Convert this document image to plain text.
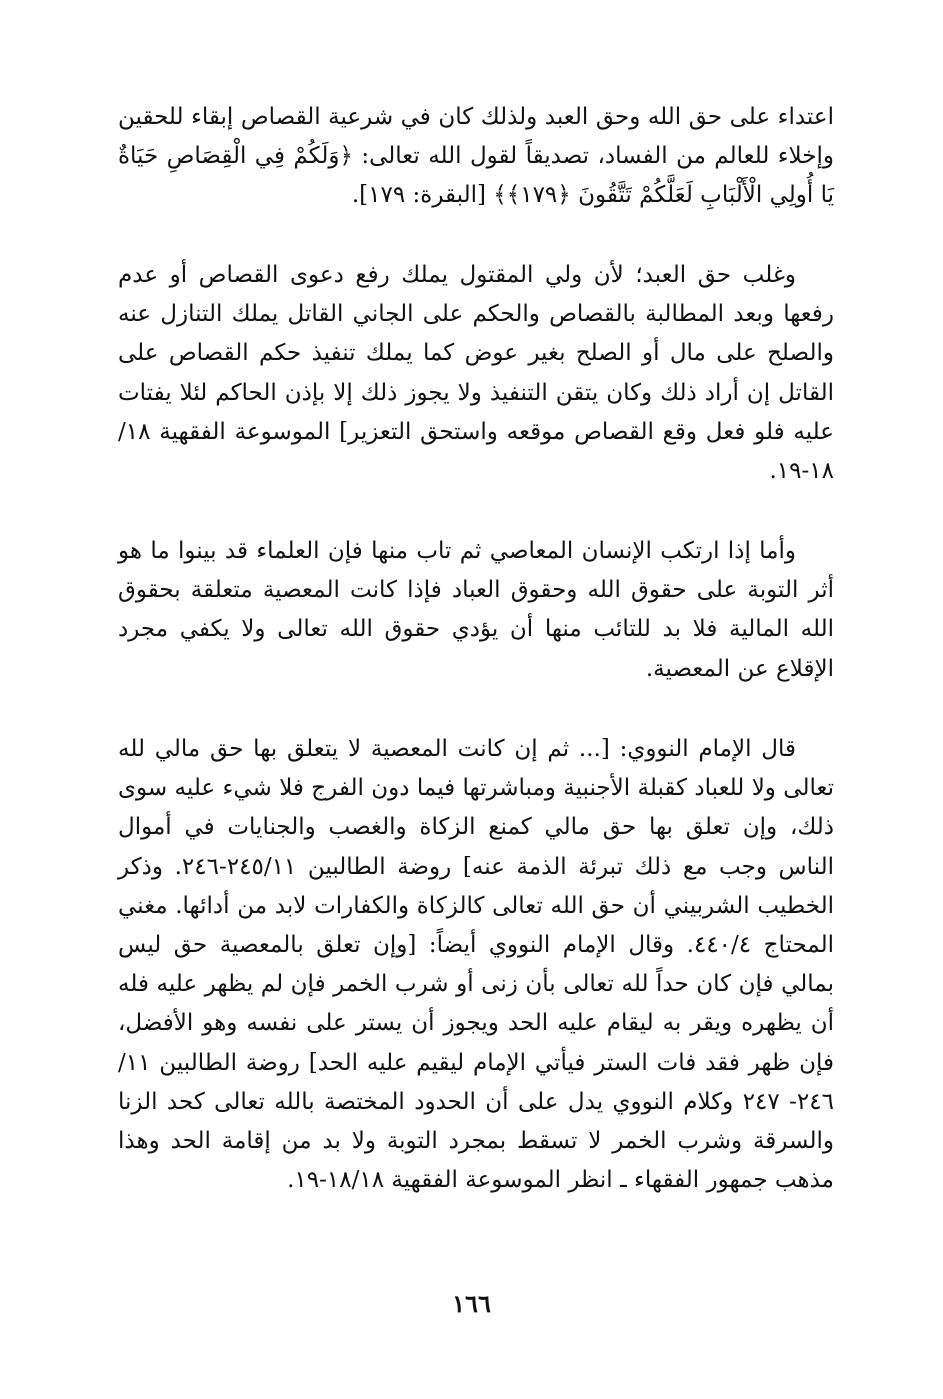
اعتداء على حق الله وحق العبد ولذلك كان في شرعية القصاص إبقاء للحقين وإخلاء للعالم من الفساد، تصديقاً لقول الله تعالى: ﴿وَلَكُمْ فِي الْقِصَاصِ حَيَاةٌ يَا أُولِي الْأَلْبَابِ لَعَلَّكُمْ تَتَّقُونَ ﴿١٧٩﴾﴾ [البقرة: ١٧٩].

وغلب حق العبد؛ لأن ولي المقتول يملك رفع دعوى القصاص أو عدم رفعها وبعد المطالبة بالقصاص والحكم على الجاني القاتل يملك التنازل عنه والصلح على مال أو الصلح بغير عوض كما يملك تنفيذ حكم القصاص على القاتل إن أراد ذلك وكان يتقن التنفيذ ولا يجوز ذلك إلا بإذن الحاكم لئلا يفتات عليه فلو فعل وقع القصاص موقعه واستحق التعزير] الموسوعة الفقهية ١٨/ ١٨-١٩.

وأما إذا ارتكب الإنسان المعاصي ثم تاب منها فإن العلماء قد بينوا ما هو أثر التوبة على حقوق الله وحقوق العباد فإذا كانت المعصية متعلقة بحقوق الله المالية فلا بد للتائب منها أن يؤدي حقوق الله تعالى ولا يكفي مجرد الإقلاع عن المعصية.

قال الإمام النووي: [... ثم إن كانت المعصية لا يتعلق بها حق مالي لله تعالى ولا للعباد كقبلة الأجنبية ومباشرتها فيما دون الفرج فلا شيء عليه سوى ذلك، وإن تعلق بها حق مالي كمنع الزكاة والغصب والجنايات في أموال الناس وجب مع ذلك تبرئة الذمة عنه] روضة الطالبين ٢٤٥/١١-٢٤٦. وذكر الخطيب الشربيني أن حق الله تعالى كالزكاة والكفارات لابد من أدائها. مغني المحتاج ٤٤٠/٤. وقال الإمام النووي أيضاً: [وإن تعلق بالمعصية حق ليس بمالي فإن كان حداً لله تعالى بأن زنى أو شرب الخمر فإن لم يظهر عليه فله أن يظهره ويقر به ليقام عليه الحد ويجوز أن يستر على نفسه وهو الأفضل، فإن ظهر فقد فات الستر فيأتي الإمام ليقيم عليه الحد] روضة الطالبين ١١/ ٢٤٦- ٢٤٧ وكلام النووي يدل على أن الحدود المختصة بالله تعالى كحد الزنا والسرقة وشرب الخمر لا تسقط بمجرد التوبة ولا بد من إقامة الحد وهذا مذهب جمهور الفقهاء ـ انظر الموسوعة الفقهية ١٨/١٨-١٩.

١٦٦
